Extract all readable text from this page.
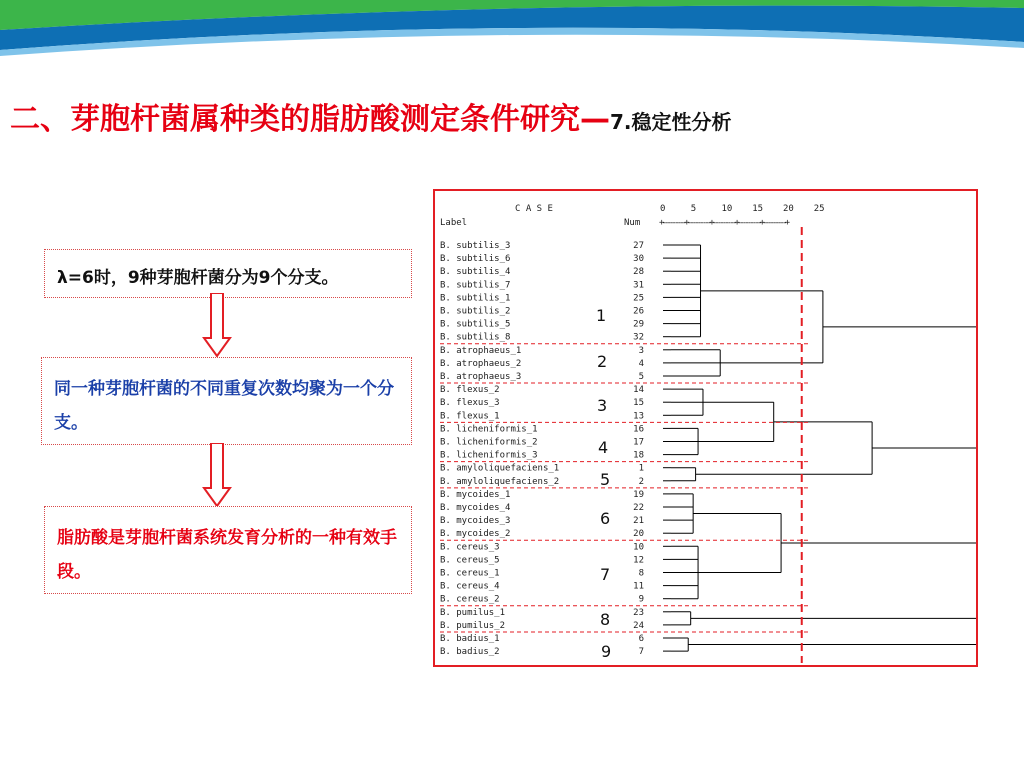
二、芽胞杆菌属种类的脂肪酸测定条件研究—7.稳定性分析
λ=6时，9种芽胞杆菌分为9个分支。
同一种芽胞杆菌的不同重复次数均聚为一个分支。
脂肪酸是芽胞杆菌系统发育分析的一种有效手段。
C A S E
Label	Num
0	5	10 15 20 25
+---------+---------+---------+---------+---------+
B. subtilis_3	27
B. subtilis_6	30
B. subtilis_4	28
B. subtilis_7	31
B. subtilis_1	25
B. subtilis_2	26
B. subtilis_5	29
B. subtilis_8	32
B. atrophaeus_1	3
B. atrophaeus_2	4
B. atrophaeus_3	5
B. flexus_2	14
B. flexus_3	15
B. flexus_1	13
B. licheniformis_1	16
B. licheniformis_2	17
B. licheniformis_3	18
B. amyloliquefaciens_1	1
B. amyloliquefaciens_2	2
B. mycoides_1	19
B. mycoides_4	22
B. mycoides_3	21
B. mycoides_2	20
B. cereus_3	10
B. cereus_5	12
B. cereus_1	8
B. cereus_4	11
B. cereus_2	9
B. pumilus_1	23
B. pumilus_2	24
B. badius_1	6
B. badius_2	7
1
2
3
4
5
6
7
8
9
